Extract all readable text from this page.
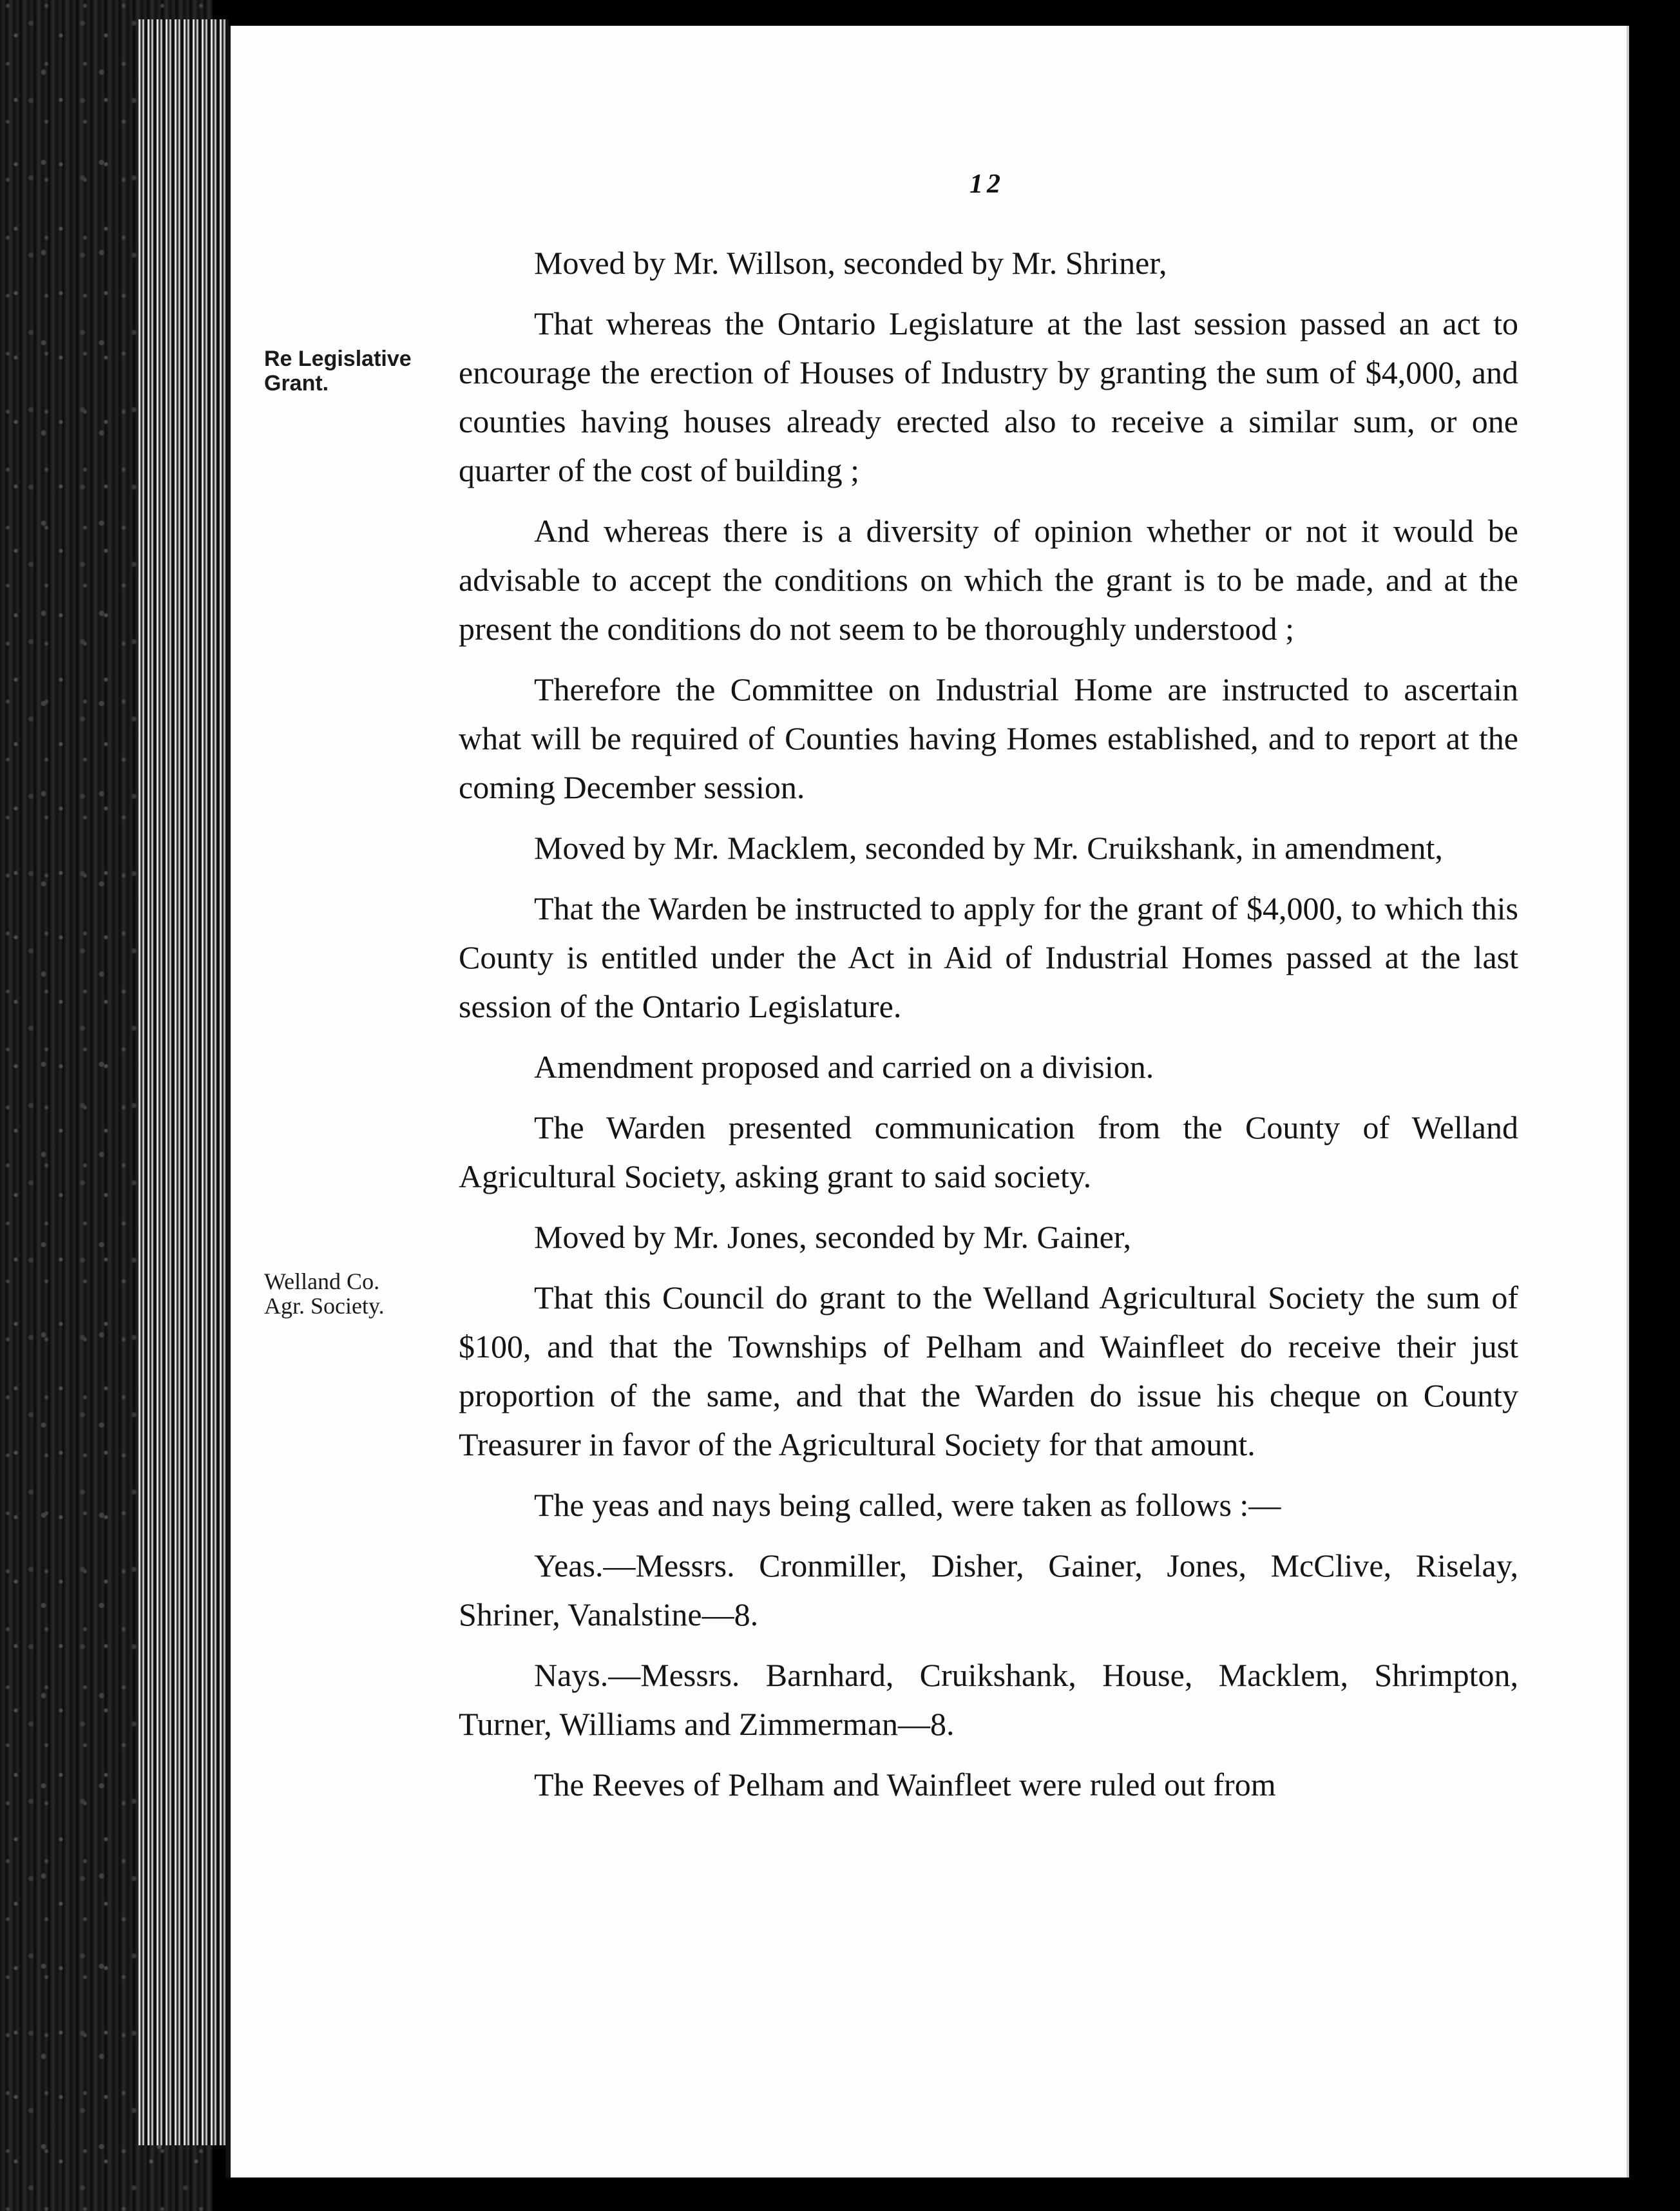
12
Re Legislative
Grant.
Welland Co.
Agr. Society.

Moved by Mr. Willson, seconded by Mr. Shriner,

That whereas the Ontario Legislature at the last session passed an act to encourage the erection of Houses of Industry by granting the sum of $4,000, and counties having houses already erected also to receive a similar sum, or one quarter of the cost of building ;

And whereas there is a diversity of opinion whether or not it would be advisable to accept the conditions on which the grant is to be made, and at the present the conditions do not seem to be thoroughly understood ;

Therefore the Committee on Industrial Home are instructed to ascertain what will be required of Counties having Homes established, and to report at the coming December session.

Moved by Mr. Macklem, seconded by Mr. Cruikshank, in amendment,

That the Warden be instructed to apply for the grant of $4,000, to which this County is entitled under the Act in Aid of Industrial Homes passed at the last session of the Ontario Legislature.

Amendment proposed and carried on a division.

The Warden presented communication from the County of Welland Agricultural Society, asking grant to said society.

Moved by Mr. Jones, seconded by Mr. Gainer,

That this Council do grant to the Welland Agricultural Society the sum of $100, and that the Townships of Pelham and Wainfleet do receive their just proportion of the same, and that the Warden do issue his cheque on County Treasurer in favor of the Agricultural Society for that amount.

The yeas and nays being called, were taken as follows :—

Yeas.—Messrs. Cronmiller, Disher, Gainer, Jones, McClive, Riselay, Shriner, Vanalstine—8.

Nays.—Messrs. Barnhard, Cruikshank, House, Macklem, Shrimpton, Turner, Williams and Zimmerman—8.

The Reeves of Pelham and Wainfleet were ruled out from
